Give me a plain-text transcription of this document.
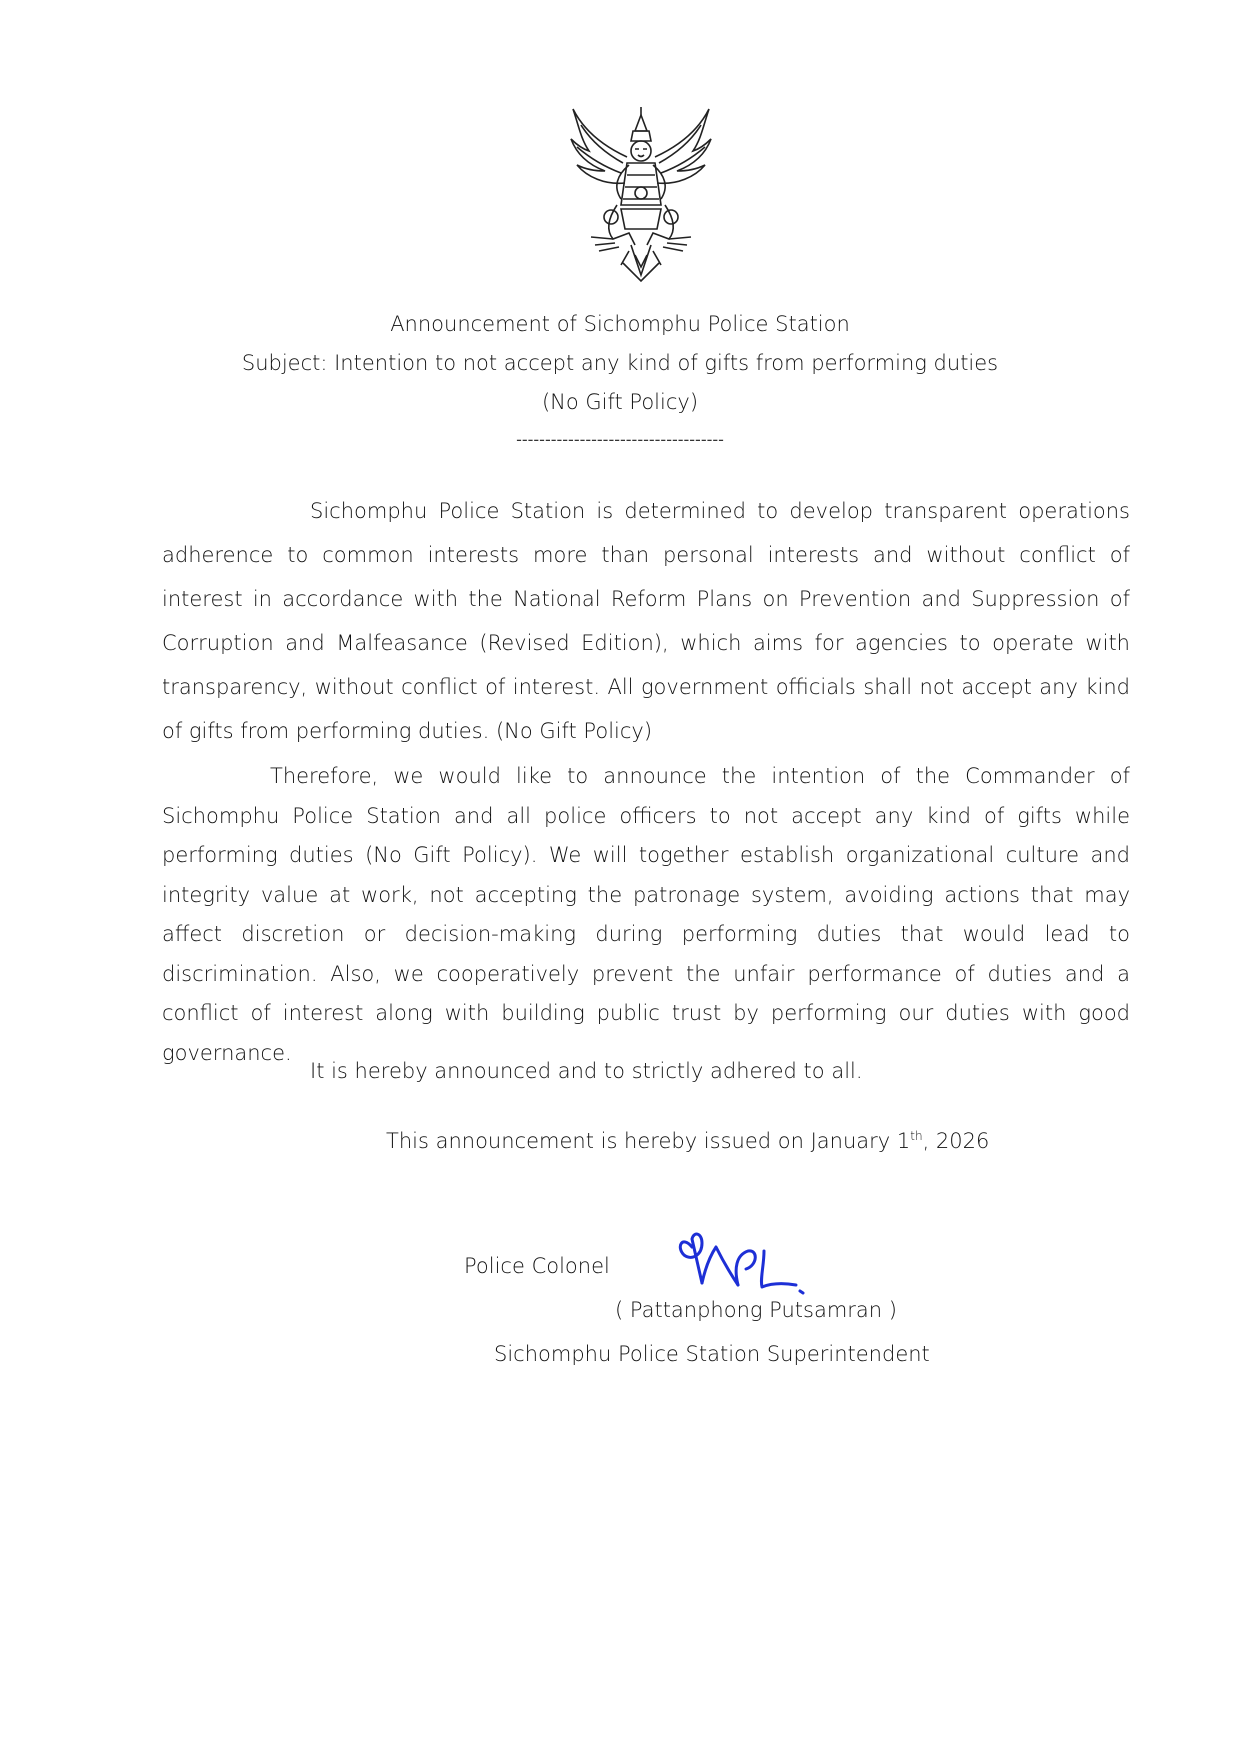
Announcement of Sichomphu Police Station
Subject: Intention to not accept any kind of gifts from performing duties
(No Gift Policy)
------------------------------------

Sichomphu Police Station is determined to develop transparent operations adherence to common interests more than personal interests and without conflict of interest in accordance with the National Reform Plans on Prevention and Suppression of Corruption and Malfeasance (Revised Edition), which aims for agencies to operate with transparency, without conflict of interest. All government officials shall not accept any kind of gifts from performing duties. (No Gift Policy)

Therefore, we would like to announce the intention of the Commander of Sichomphu Police Station and all police officers to not accept any kind of gifts while performing duties (No Gift Policy). We will together establish organizational culture and integrity value at work, not accepting the patronage system, avoiding actions that may affect discretion or decision-making during performing duties that would lead to discrimination. Also, we cooperatively prevent the unfair performance of duties and a conflict of interest along with building public trust by performing our duties with good governance.

It is hereby announced and to strictly adhered to all.
This announcement is hereby issued on January 1th, 2026
Police Colonel
( Pattanphong Putsamran )
Sichomphu Police Station Superintendent
